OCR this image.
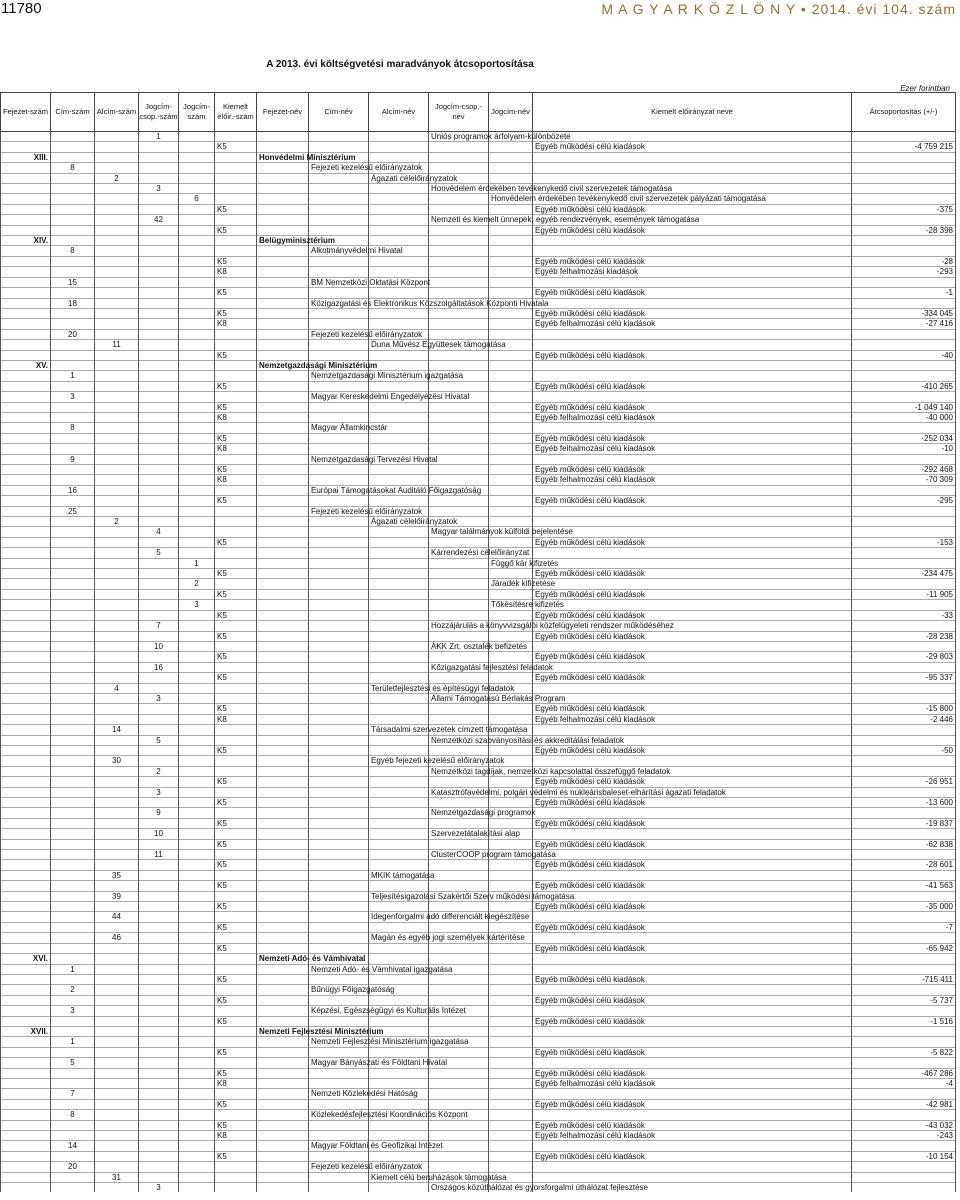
11780	M A G Y A R K Ö Z L Ö N Y • 2014. évi 104. szám
A 2013. évi költségvetési maradványok átcsoportosítása
Ezer forintban
Fejezet-szám	Cím-szám	Alcím-szám	Jogcím-csop.-szám	Jogcím-szám	Kiemelt előir.-szám	Fejezet-név	Cím-név	Alcím-név	Jogcím-csop.-név	Jogcím-név	Kiemelt előirányzat neve	Átcsoportosítás (+/-)
			1						Uniós programok árfolyam-különbözete			
					K5						Egyéb működési célú kiadások	-4 759 215
XIII.						Honvédelmi Minisztérium						
	8						Fejezeti kezelésű előirányzatok					
		2						Ágazati célelőirányzatok				
			3						Honvédelem érdekében tevékenykedő civil szervezetek támogatása			
				6						Honvédelem érdekében tevékenykedő civil szervezetek pályázati támogatása		
					K5						Egyéb működési célú kiadások	-375
			42						Nemzeti és kiemelt ünnepek, egyéb rendezvények, események támogatása			
					K5						Egyéb működési célú kiadások	-28 398
XIV.						Belügyminisztérium						
	8						Alkotmányvédelmi Hivatal					
					K5						Egyéb működési célú kiadások	-28
					K8						Egyéb felhalmozási kiadások	-293
	15						BM Nemzetközi Oktatási Központ					
					K5						Egyéb működési célú kiadások	-1
	18						Közigazgatási és Elektronikus Közszolgáltatások Központi Hivatala					
					K5						Egyéb működési célú kiadások	-334 045
					K8						Egyéb felhalmozási célú kiadások	-27 416
	20						Fejezeti kezelésű előirányzatok					
		11						Duna Művész Együttesek támogatása				
					K5						Egyéb működési célú kiadások	-40
XV.						Nemzetgazdasági Minisztérium						
	1						Nemzetgazdasági Minisztérium igazgatása					
					K5						Egyéb működési célú kiadások	-410 265
	3						Magyar Kereskedelmi Engedélyezési Hivatal					
					K5						Egyéb működési célú kiadások	-1 049 140
					K8						Egyéb felhalmozási célú kiadások	-40 000
	8						Magyar Államkincstár					
					K5						Egyéb működési célú kiadások	-252 034
					K8						Egyéb felhalmozási célú kiadások	-10
	9						Nemzetgazdasági Tervezési Hivatal					
					K5						Egyéb működési célú kiadások	-292 468
					K8						Egyéb felhalmozási célú kiadások	-70 309
	16						Európai Támogatásokat Auditáló Főigazgatóság					
					K5						Egyéb működési célú kiadások	-295
	25						Fejezeti kezelésű előirányzatok					
		2						Ágazati célelőirányzatok				
			4						Magyar találmányok külföldi bejelentése			
					K5						Egyéb működési célú kiadások	-153
			5						Kárrendezési célelőirányzat			
				1						Függő kár kifizetés		
					K5						Egyéb működési célú kiadások	-234 475
				2						Járadék kifizetése		
					K5						Egyéb működési célú kiadások	-11 905
				3						Tőkésítésre kifizetés		
					K5						Egyéb működési célú kiadások	-33
			7						Hozzájárulás a könyvvizsgálói közfelügyeleti rendszer működéséhez			
					K5						Egyéb működési célú kiadások	-28 238
			10						ÁKK Zrt. osztalék befizetés			
					K5						Egyéb működési célú kiadások	-29 803
			16						Kőzigazgatási fejlesztési feladatok			
					K5						Egyéb működési célú kiadások	-95 337
		4						Területfejlesztési és építésügyi feladatok				
			3						Állami Támogatású Bérlakás Program			
					K5						Egyéb működési célú kiadások	-15 800
					K8						Egyéb felhalmozási célú kiadások	-2 446
		14						Társadalmi szervezetek címzett támogatása				
			5						Nemzetközi szabványosítási és akkreditálási feladatok			
					K5						Egyéb működési célú kiadások	-50
		30						Egyéb fejezeti kezelésű előirányzatok				
			2						Nemzetközi tagdíjak, nemzetközi kapcsolattal összefüggő feladatok			
					K5						Egyéb működési célú kiadások	-26 951
			3						Katasztrófavédelmi, polgári védelmi és nukleárisbaleset-elhárítási ágazati feladatok			
					K5						Egyéb működési célú kiadások	-13 600
			9						Nemzetgazdasági programok			
					K5						Egyéb működési célú kiadások	-19 837
			10						Szervezetátalakítási alap			
					K5						Egyéb működési célú kiadások	-62 838
			11						ClusterCOOP program támogatása			
					K5						Egyéb működési célú kiadások	-28 601
		35						MKIK támogatása				
					K5						Egyéb működési célú kiadások	-41 563
		39						Teljesítésigazolási Szakértői Szerv működési támogatása				
					K5						Egyéb működési célú kiadások	-35 000
		44						Idegenforgalmi adó differenciált kiegészítése				
					K5						Egyéb működési célú kiadások	-7
		46						Magán és egyéb jogi személyek kártérítése				
					K5						Egyéb működési célú kiadások	-65 942
XVI.						Nemzeti Adó- és Vámhivatal						
	1						Nemzeti Adó- és Vámhivatal igazgatása					
					K5						Egyéb működési célú kiadások	-715 411
	2						Bűnügyi Főigazgatóság					
					K5						Egyéb működési célú kiadások	-5 737
	3						Képzési, Egészségügyi és Kulturális Intézet					
					K5						Egyéb működési célú kiadások	-1 516
XVII.						Nemzeti Fejlesztési Minisztérium						
	1						Nemzeti Fejlesztési Minisztérium igazgatása					
					K5						Egyéb működési célú kiadások	-5 822
	5						Magyar Bányászati és Földtani Hivatal					
					K5						Egyéb működési célú kiadások	-467 286
					K8						Egyéb felhalmozási célú kiadások	-4
	7						Nemzeti Közlekedési Hatóság					
					K5						Egyéb működési célú kiadások	-42 981
	8						Közlekedésfejlesztési Koordinációs Központ					
					K5						Egyéb működési célú kiadások	-43 032
					K8						Egyéb felhalmozási célú kiadások	-243
	14						Magyar Földtani és Geofizikai Intézet					
					K5						Egyéb működési célú kiadások	-10 154
	20						Fejezeti kezelésű előirányzatok					
		31						Kiemelt célú beruházások támogatása				
			3						Országos közúthálózat és gyorsforgalmi úthálózat fejlesztése			
